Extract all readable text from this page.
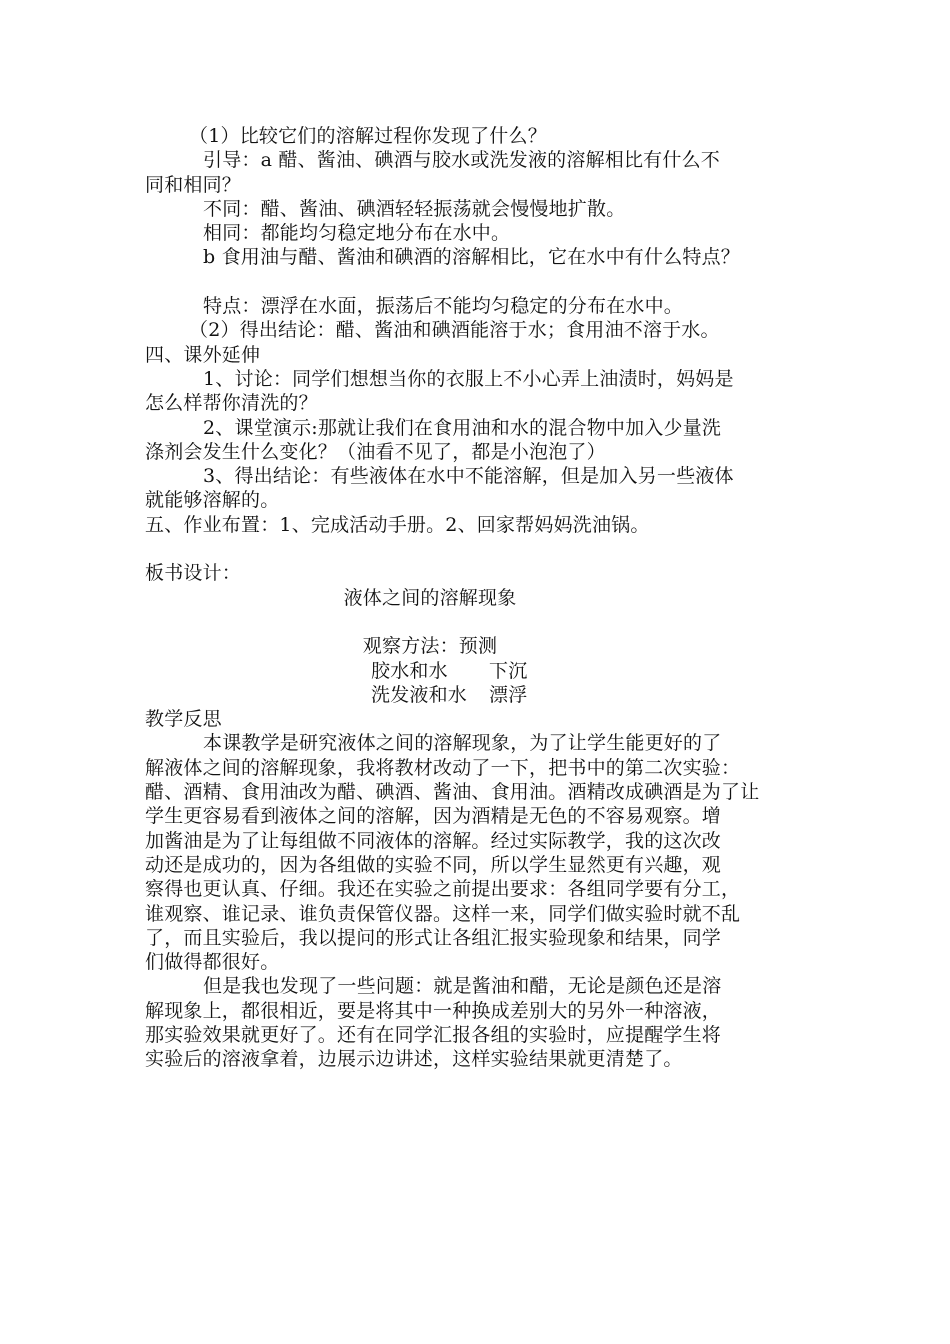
（1）比较它们的溶解过程你发现了什么？
引导：a 醋、酱油、碘酒与胶水或洗发液的溶解相比有什么不
同和相同？
不同：醋、酱油、碘酒轻轻振荡就会慢慢地扩散。
相同：都能均匀稳定地分布在水中。
b 食用油与醋、酱油和碘酒的溶解相比，它在水中有什么特点？
特点：漂浮在水面，振荡后不能均匀稳定的分布在水中。
（2）得出结论：醋、酱油和碘酒能溶于水；食用油不溶于水。
四、课外延伸
1、讨论：同学们想想当你的衣服上不小心弄上油渍时，妈妈是
怎么样帮你清洗的？
2、课堂演示:那就让我们在食用油和水的混合物中加入少量洗
涤剂会发生什么变化？（油看不见了，都是小泡泡了）
3、得出结论：有些液体在水中不能溶解，但是加入另一些液体
就能够溶解的。
五、作业布置：1、完成活动手册。2、回家帮妈妈洗油锅。
板书设计：
液体之间的溶解现象
观察方法：预测
胶水和水	下沉
洗发液和水	漂浮
教学反思
本课教学是研究液体之间的溶解现象，为了让学生能更好的了
解液体之间的溶解现象，我将教材改动了一下，把书中的第二次实验：
醋、酒精、食用油改为醋、碘酒、酱油、食用油。酒精改成碘酒是为了让
学生更容易看到液体之间的溶解，因为酒精是无色的不容易观察。增
加酱油是为了让每组做不同液体的溶解。经过实际教学，我的这次改
动还是成功的，因为各组做的实验不同，所以学生显然更有兴趣，观
察得也更认真、仔细。我还在实验之前提出要求：各组同学要有分工，
谁观察、谁记录、谁负责保管仪器。这样一来，同学们做实验时就不乱
了，而且实验后，我以提问的形式让各组汇报实验现象和结果，同学
们做得都很好。
但是我也发现了一些问题：就是酱油和醋，无论是颜色还是溶
解现象上，都很相近，要是将其中一种换成差别大的另外一种溶液，
那实验效果就更好了。还有在同学汇报各组的实验时，应提醒学生将
实验后的溶液拿着，边展示边讲述，这样实验结果就更清楚了。
